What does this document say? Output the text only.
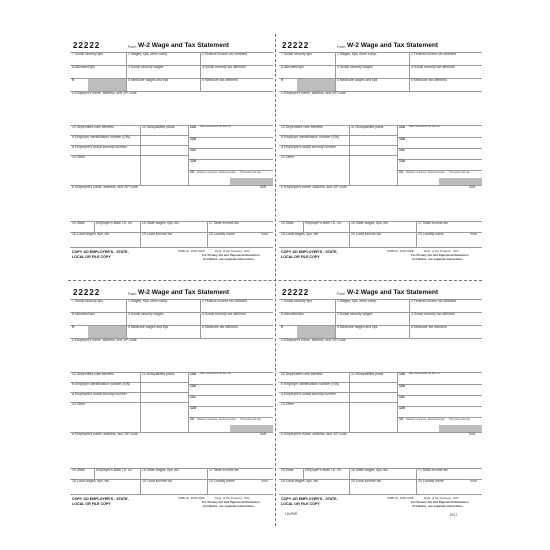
22222	Form W-2 Wage and Tax Statement
7 Social security tips	1 Wages, tips, other comp.	2 Federal income tax withheld
8 Allocated tips	3 Social security wages	4 Social security tax withheld
9	5 Medicare wages and tips	6 Medicare tax withheld
c Employer's name, address, and ZIP code
10 Dependent care benefits	11 Nonqualified plans	12a See instructions for box 12
b Employer identification number (EIN)	12b
a Employee's social security number
12c
14 Other
12d
13 Statutory employee Retirement plan Third-party sick pay
e Employee's name, address, and ZIP code	Suff.
15 State	Employer's state I.D. no.	16 State wages, tips, etc.	17 State income tax
18 Local wages, tips, etc.	19 Local income tax	20 Locality name	Void
COPY 1/D EMPLOYER'S - STATE,
LOCAL OR FILE COPY
OMB No. 1545-0008	Dept. of the Treasury - IRS
For Privacy Act and Paperwork Reduction
Act Notice, see separate instructions.
22222	Form W-2 Wage and Tax Statement
7 Social security tips	1 Wages, tips, other comp.	2 Federal income tax withheld
8 Allocated tips	3 Social security wages	4 Social security tax withheld
9	5 Medicare wages and tips	6 Medicare tax withheld
c Employer's name, address, and ZIP code
10 Dependent care benefits	11 Nonqualified plans	12a See instructions for box 12
b Employer identification number (EIN)	12b
a Employee's social security number
12c
14 Other
12d
13 Statutory employee Retirement plan Third-party sick pay
e Employee's name, address, and ZIP code	Suff.
15 State	Employer's state I.D. no.	16 State wages, tips, etc.	17 State income tax
18 Local wages, tips, etc.	19 Local income tax	20 Locality name	Void
COPY 1/D EMPLOYER'S - STATE,
LOCAL OR FILE COPY
OMB No. 1545-0008	Dept. of the Treasury - IRS
For Privacy Act and Paperwork Reduction
Act Notice, see separate instructions.
22222	Form W-2 Wage and Tax Statement
7 Social security tips	1 Wages, tips, other comp.	2 Federal income tax withheld
8 Allocated tips	3 Social security wages	4 Social security tax withheld
9	5 Medicare wages and tips	6 Medicare tax withheld
c Employer's name, address, and ZIP code
10 Dependent care benefits	11 Nonqualified plans	12a See instructions for box 12
b Employer identification number (EIN)	12b
a Employee's social security number
12c
14 Other
12d
13 Statutory employee Retirement plan Third-party sick pay
e Employee's name, address, and ZIP code	Suff.
15 State	Employer's state I.D. no.	16 State wages, tips, etc.	17 State income tax
18 Local wages, tips, etc.	19 Local income tax	20 Locality name	Void
COPY 1/D EMPLOYER'S - STATE,
LOCAL OR FILE COPY
OMB No. 1545-0008	Dept. of the Treasury - IRS
For Privacy Act and Paperwork Reduction
Act Notice, see separate instructions.
22222	Form W-2 Wage and Tax Statement
7 Social security tips	1 Wages, tips, other comp.	2 Federal income tax withheld
8 Allocated tips	3 Social security wages	4 Social security tax withheld
9	5 Medicare wages and tips	6 Medicare tax withheld
c Employer's name, address, and ZIP code
10 Dependent care benefits	11 Nonqualified plans	12a See instructions for box 12
b Employer identification number (EIN)	12b
a Employee's social security number
12c
14 Other
12d
13 Statutory employee Retirement plan Third-party sick pay
e Employee's name, address, and ZIP code	Suff.
15 State	Employer's state I.D. no.	16 State wages, tips, etc.	17 State income tax
18 Local wages, tips, etc.	19 Local income tax	20 Locality name	Void
COPY 1/D EMPLOYER'S - STATE,
LOCAL OR FILE COPY
OMB No. 1545-0008	Dept. of the Treasury - IRS
For Privacy Act and Paperwork Reduction
Act Notice, see separate instructions.
L4UP6R	5217
